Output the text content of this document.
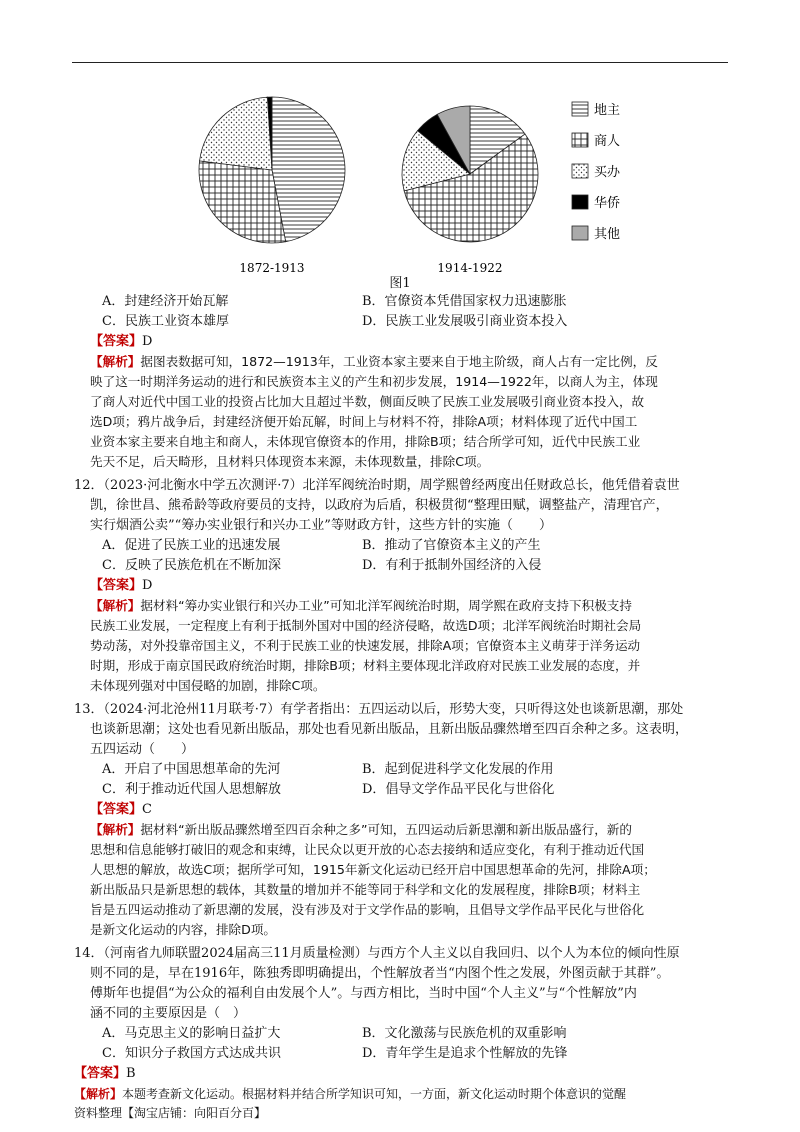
地主
商人
买办
华侨
其他
1872-1913	1914-1922
图1
A．封建经济开始瓦解	B．官僚资本凭借国家权力迅速膨胀
C．民族工业资本雄厚	D．民族工业发展吸引商业资本投入
【答案】D
【解析】据图表数据可知，1872—1913年，工业资本家主要来自于地主阶级，商人占有一定比例，反
映了这一时期洋务运动的进行和民族资本主义的产生和初步发展，1914—1922年，以商人为主，体现
了商人对近代中国工业的投资占比加大且超过半数，侧面反映了民族工业发展吸引商业资本投入，故
选D项；鸦片战争后，封建经济便开始瓦解，时间上与材料不符，排除A项；材料体现了近代中国工
业资本家主要来自地主和商人，未体现官僚资本的作用，排除B项；结合所学可知，近代中民族工业
先天不足，后天畸形，且材料只体现资本来源，未体现数量，排除C项。
12．（2023·河北衡水中学五次测评·7）北洋军阀统治时期，周学熙曾经两度出任财政总长，他凭借着袁世
凯，徐世昌、熊希龄等政府要员的支持，以政府为后盾，积极贯彻“整理田赋，调整盐产，清理官产，
实行烟酒公卖”“筹办实业银行和兴办工业”等财政方针，这些方针的实施（　　）
A．促进了民族工业的迅速发展	B．推动了官僚资本主义的产生
C．反映了民族危机在不断加深	D．有利于抵制外国经济的入侵
【答案】D
【解析】据材料“筹办实业银行和兴办工业”可知北洋军阀统治时期，周学熙在政府支持下积极支持
民族工业发展，一定程度上有利于抵制外国对中国的经济侵略，故选D项；北洋军阀统治时期社会局
势动荡，对外投靠帝国主义，不利于民族工业的快速发展，排除A项；官僚资本主义萌芽于洋务运动
时期，形成于南京国民政府统治时期，排除B项；材料主要体现北洋政府对民族工业发展的态度，并
未体现列强对中国侵略的加剧，排除C项。
13．（2024·河北沧州11月联考·7）有学者指出：五四运动以后，形势大变，只听得这处也谈新思潮，那处
也谈新思潮；这处也看见新出版品，那处也看见新出版品，且新出版品骤然增至四百余种之多。这表明，
五四运动（　　）
A．开启了中国思想革命的先河	B．起到促进科学文化发展的作用
C．利于推动近代国人思想解放	D．倡导文学作品平民化与世俗化
【答案】C
【解析】据材料“新出版品骤然增至四百余种之多”可知，五四运动后新思潮和新出版品盛行，新的
思想和信息能够打破旧的观念和束缚，让民众以更开放的心态去接纳和适应变化，有利于推动近代国
人思想的解放，故选C项；据所学可知，1915年新文化运动已经开启中国思想革命的先河，排除A项；
新出版品只是新思想的载体，其数量的增加并不能等同于科学和文化的发展程度，排除B项；材料主
旨是五四运动推动了新思潮的发展，没有涉及对于文学作品的影响，且倡导文学作品平民化与世俗化
是新文化运动的内容，排除D项。
14．（河南省九师联盟2024届高三11月质量检测）与西方个人主义以自我回归、以个人为本位的倾向性原
则不同的是，早在1916年，陈独秀即明确提出，个性解放者当“内图个性之发展，外图贡献于其群”。
傅斯年也提倡“为公众的福利自由发展个人”。与西方相比，当时中国“个人主义”与“个性解放”内
涵不同的主要原因是（　）
A．马克思主义的影响日益扩大	B．文化激荡与民族危机的双重影响
C．知识分子救国方式达成共识	D．青年学生是追求个性解放的先锋
【答案】B
【解析】本题考查新文化运动。根据材料并结合所学知识可知，一方面，新文化运动时期个体意识的觉醒
资料整理【淘宝店铺：向阳百分百】
